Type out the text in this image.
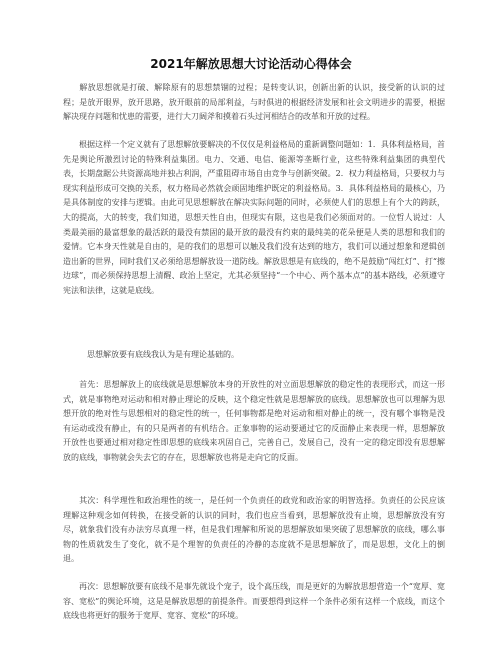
2021年解放思想大讨论活动心得体会

解放思想就是打破、解除原有的思想禁锢的过程；是转变认识，创新出新的认识，接受新的认识的过程；是放开眼界，放开思路，放开眼前的局部利益，与时俱进的根据经济发展和社会文明进步的需要，根据解决现存问题和忧患的需要，进行大刀阔斧和摸着石头过河相结合的改革和开放的过程。

根据这样一个定义就有了思想解放要解决的不仅仅是利益格局的重新调整问题如：1．具体利益格局，首先是舆论所激烈讨论的特殊利益集团。电力、交通、电信、能源等垄断行业，这些特殊利益集团的典型代表，长期盘踞公共资源高地并独占利润，严重阻碍市场自由竞争与创新突破。2．权力利益格局，只要权力与现实利益形成可交换的关系，权力格局必然就会顽固地维护既定的利益格局。3．具体利益格局的最核心，乃是具体制度的安排与逻辑。由此可见思想解放在解决实际问题的同时，必须使人们的思想上有个大的跨跃，大的提高，大的转变，我们知道，思想天性自由，但现实有限，这也是我们必须面对的。一位哲人说过：人类最美丽的最富想象的最活跃的最没有禁固的最开放的最没有约束的最纯美的花朵便是人类的思想和我们的爱情。它本身天性就是自由的，是的我们的思想可以触及我们没有达到的地方，我们可以通过想象和逻辑创造出新的世界，同时我们又必须给思想解放设一道防线。解放思想是有底线的，绝不是鼓励“闯红灯”、打“擦边球”，而必须保持思想上清醒、政治上坚定，尤其必须坚持“一个中心、两个基本点”的基本路线，必须遵守宪法和法律，这就是底线。

思想解放要有底线我认为是有理论基础的。

首先：思想解放上的底线就是思想解放本身的开放性的对立面思想解放的稳定性的表现形式，而这一形式，就是事物绝对运动和相对静止理论的反映，这个稳定性就是思想解放的底线。思想解放也可以理解为思想开放的绝对性与思想相对的稳定性的统一，任何事物都是绝对运动和相对静止的统一，没有哪个事物是没有运动或没有静止，有的只是两者的有机结合。正象事物的运动要通过它的反面静止来表现一样，思想解放开放性也要通过相对稳定性即思想的底线来巩固自己，完善自己，发展自己，没有一定的稳定即没有思想解放的底线，事物就会失去它的存在，思想解放也将是走向它的反面。

其次：科学理性和政治理性的统一，是任何一个负责任的政党和政治家的明智选择。负责任的公民应该理解这种观念如何转换，在接受新的认识的同时，我们也应当看到，思想解放没有止境，思想解放没有穷尽，就象我们没有办法穷尽真理一样，但是我们理解和所说的思想解放如果突破了思想解放的底线，哪么事物的性质就发生了变化，就不是个理智的负责任的冷静的态度就不是思想解放了，而是思想，文化上的倒退。

再次：思想解放要有底线不是事先就设个宠子，设个高压线，而是更好的为解放思想营造一个“宽厚、宽容、宽松”的舆论环境，这是是解放思想的前提条件。而要想得到这样一个条件必须有这样一个底线，而这个底线也将更好的服务于宽厚、宽容、宽松”的环境。
